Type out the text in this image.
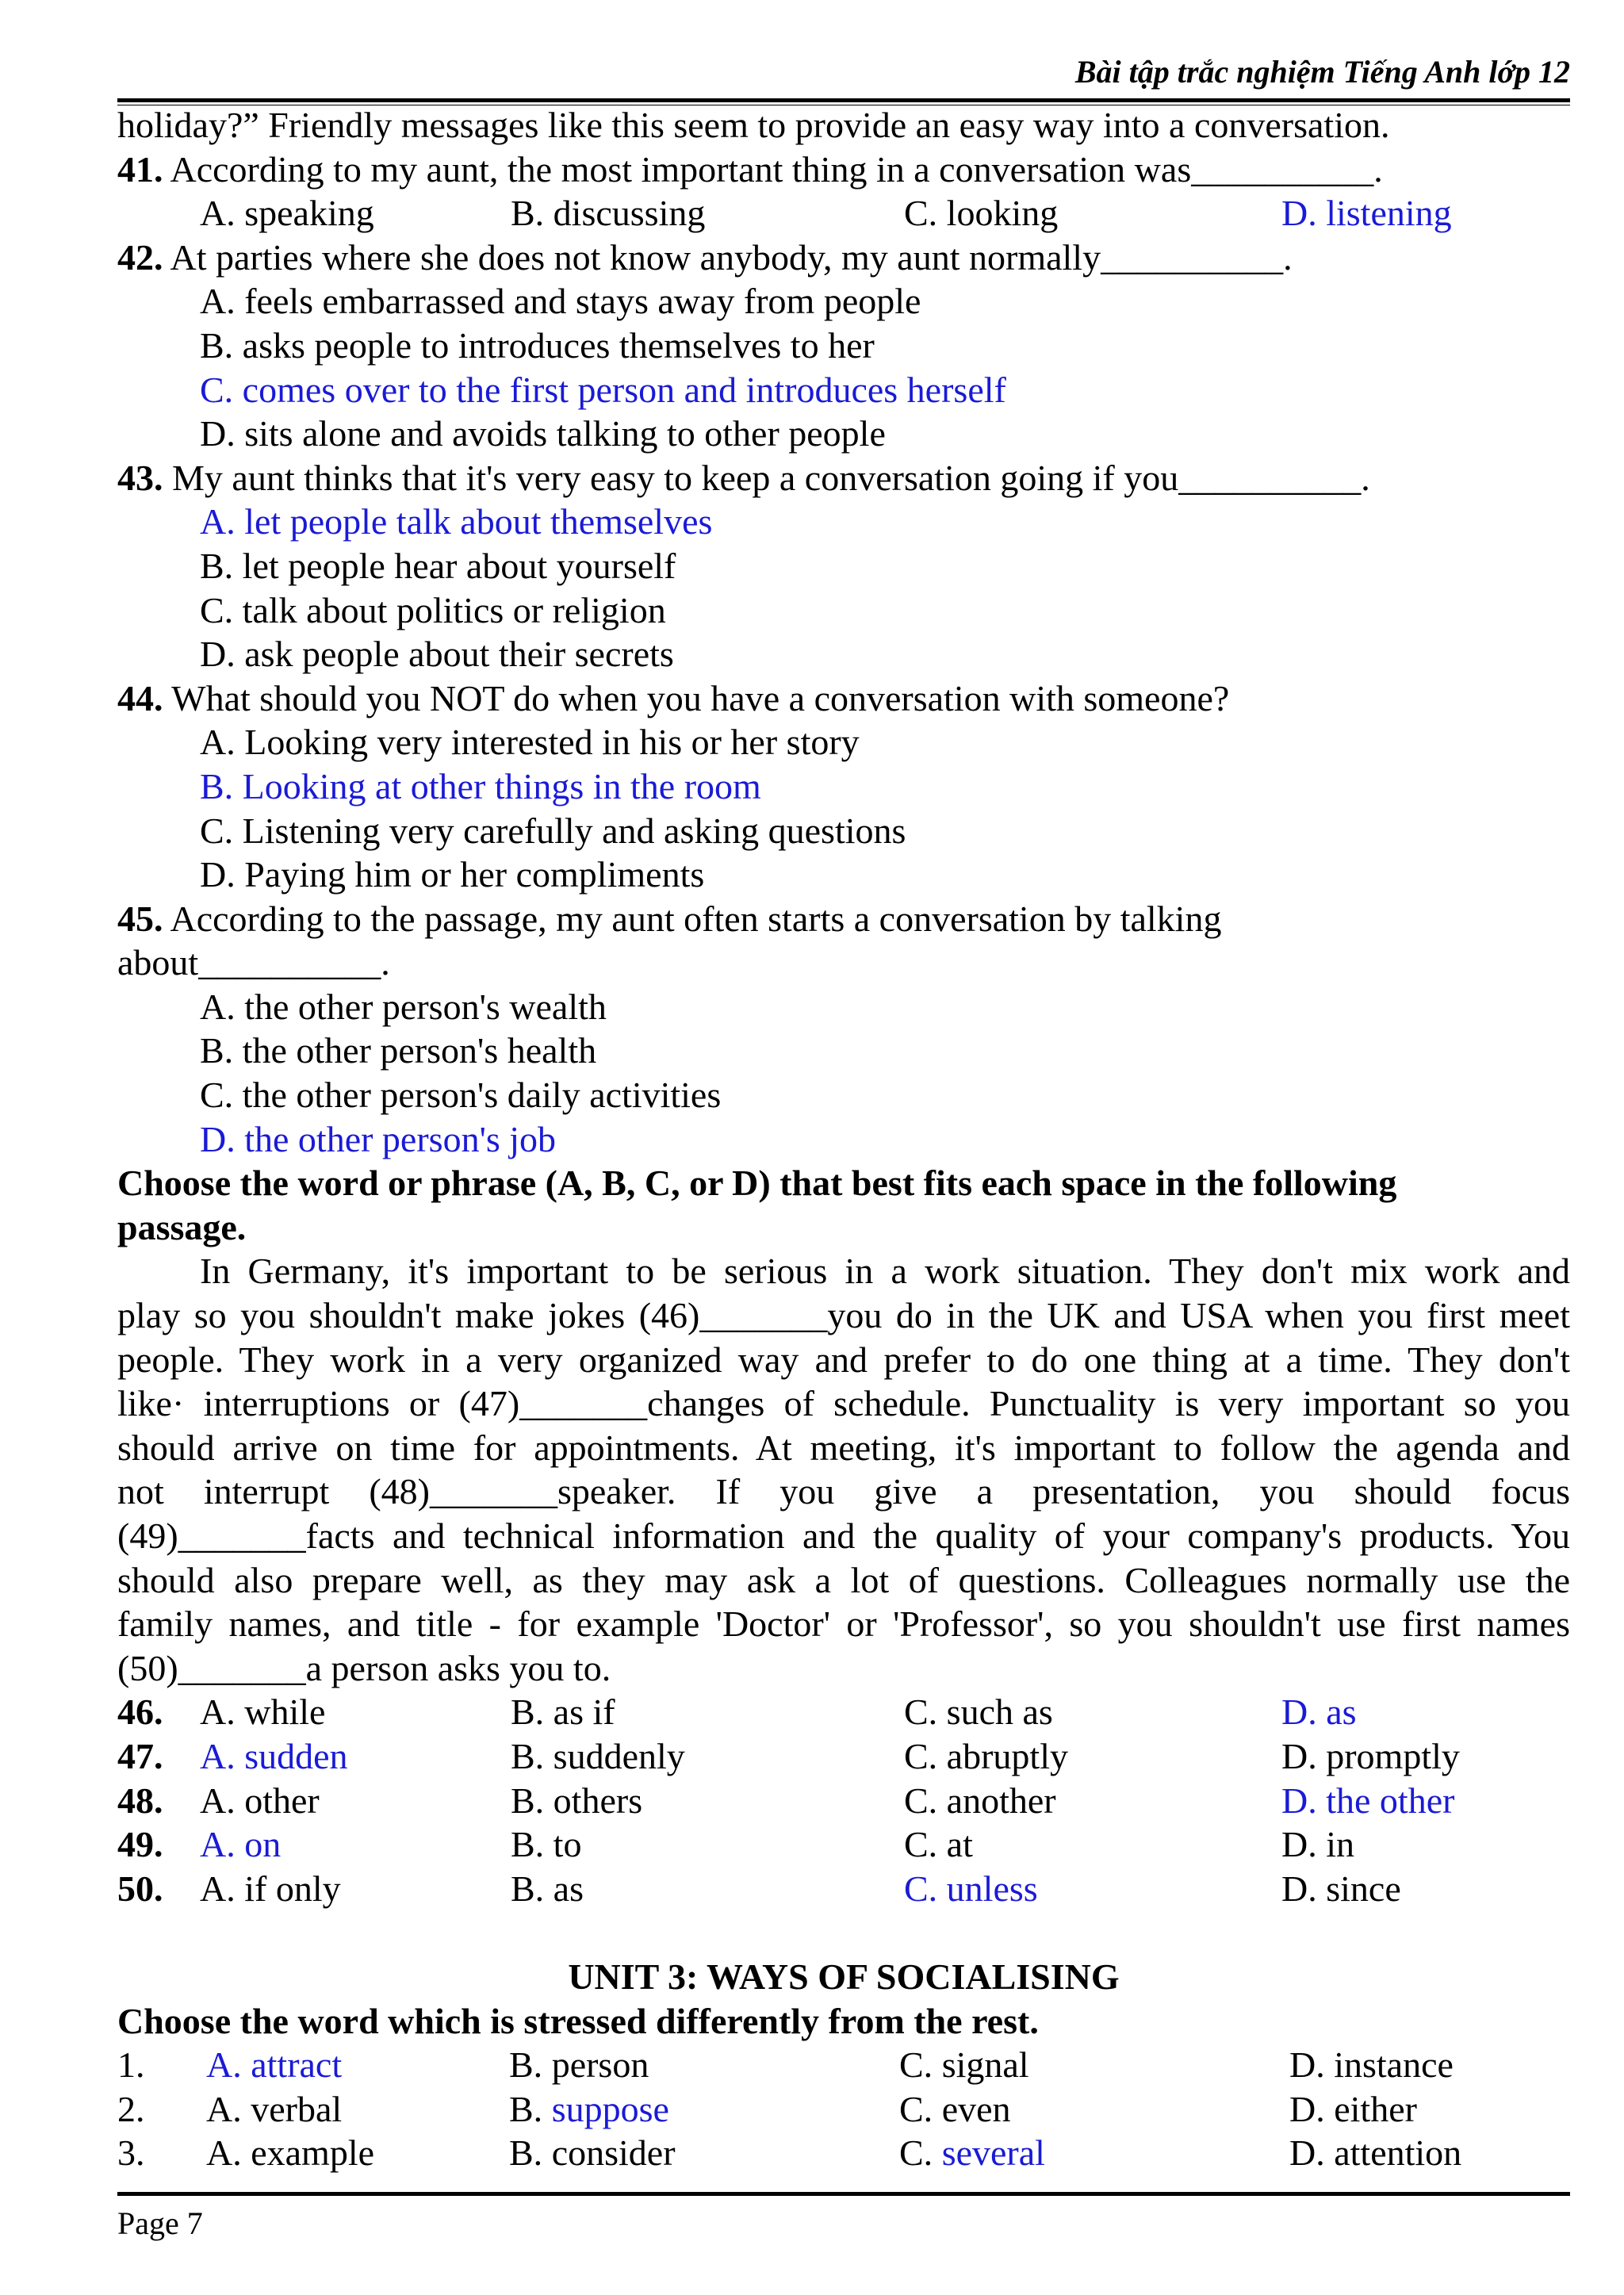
Bài tập trắc nghiệm Tiếng Anh lớp 12
holiday?” Friendly messages like this seem to provide an easy way into a conversation.
41. According to my aunt, the most important thing in a conversation was__________.
A. speaking	B. discussing	C. looking	D. listening
42. At parties where she does not know anybody, my aunt normally__________.
A. feels embarrassed and stays away from people
B. asks people to introduces themselves to her
C. comes over to the first person and introduces herself
D. sits alone and avoids talking to other people
43. My aunt thinks that it's very easy to keep a conversation going if you__________.
A. let people talk about themselves
B. let people hear about yourself
C. talk about politics or religion
D. ask people about their secrets
44. What should you NOT do when you have a conversation with someone?
A. Looking very interested in his or her story
B. Looking at other things in the room
C. Listening very carefully and asking questions
D. Paying him or her compliments
45. According to the passage, my aunt often starts a conversation by talking
about__________.
A. the other person's wealth
B. the other person's health
C. the other person's daily activities
D. the other person's job
Choose the word or phrase (A, B, C, or D) that best fits each space in the following
passage.
In Germany, it's important to be serious in a work situation. They don't mix work and
play so you shouldn't make jokes (46)_______you do in the UK and USA when you first meet
people. They work in a very organized way and prefer to do one thing at a time. They don't
like· interruptions or (47)_______changes of schedule. Punctuality is very important so you
should arrive on time for appointments. At meeting, it's important to follow the agenda and
not interrupt (48)_______speaker. If you give a presentation, you should focus
(49)_______facts and technical information and the quality of your company's products. You
should also prepare well, as they may ask a lot of questions. Colleagues normally use the
family names, and title - for example 'Doctor' or 'Professor', so you shouldn't use first names
(50)_______a person asks you to.
46. A. while	B. as if	C. such as	D. as
47. A. sudden	B. suddenly	C. abruptly	D. promptly
48. A. other	B. others	C. another	D. the other
49. A. on	B. to	C. at	D. in
50. A. if only	B. as	C. unless	D. since
UNIT 3: WAYS OF SOCIALISING
Choose the word which is stressed differently from the rest.
1. A. attract	B. person	C. signal	D. instance
2. A. verbal	B. suppose	C. even	D. either
3. A. example	B. consider	C. several	D. attention
Page 7
